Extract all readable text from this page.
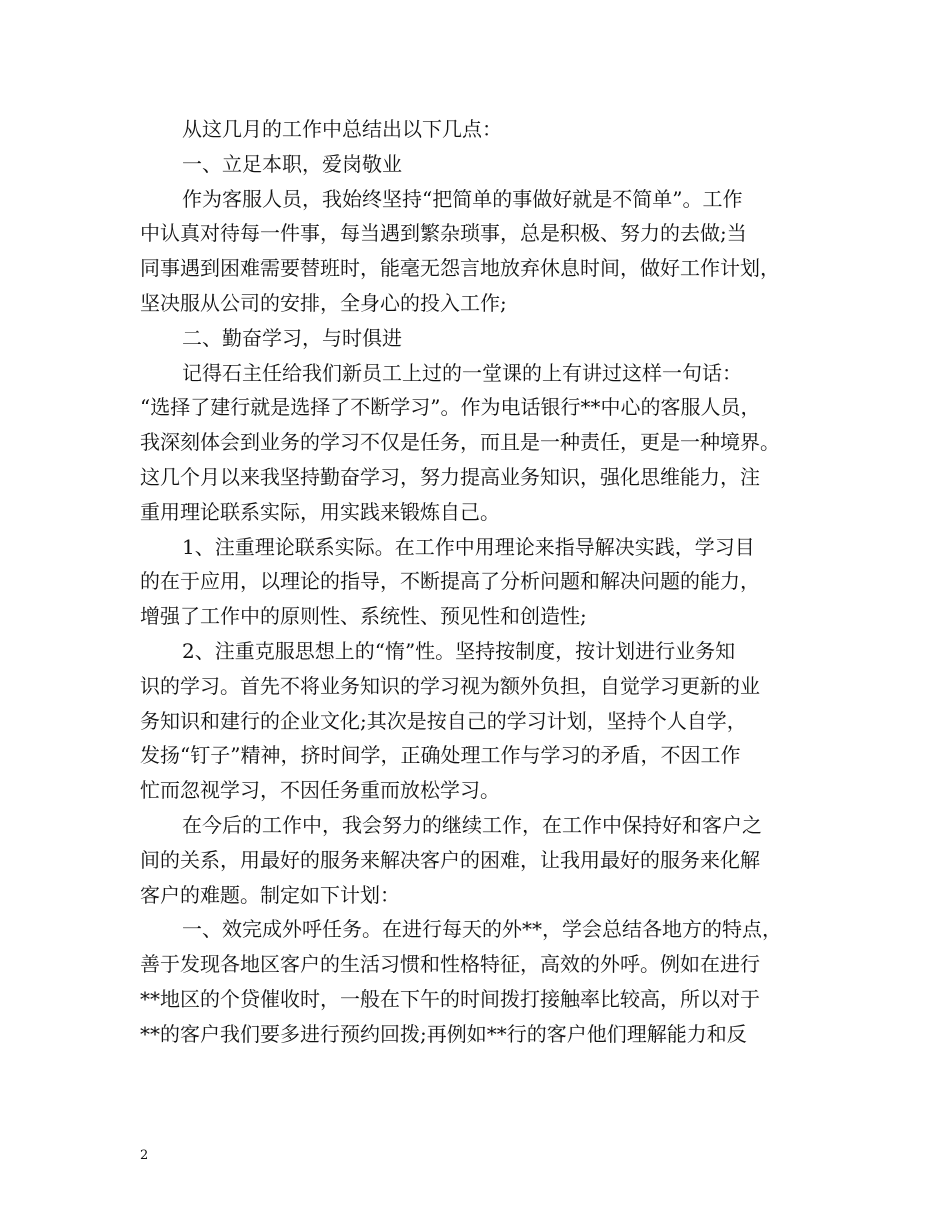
从这几月的工作中总结出以下几点：
一、立足本职，爱岗敬业
作为客服人员，我始终坚持“把简单的事做好就是不简单”。工作
中认真对待每一件事，每当遇到繁杂琐事，总是积极、努力的去做;当
同事遇到困难需要替班时，能毫无怨言地放弃休息时间，做好工作计划，
坚决服从公司的安排，全身心的投入工作;
二、勤奋学习，与时俱进
记得石主任给我们新员工上过的一堂课的上有讲过这样一句话：
“选择了建行就是选择了不断学习”。作为电话银行**中心的客服人员，
我深刻体会到业务的学习不仅是任务，而且是一种责任，更是一种境界。
这几个月以来我坚持勤奋学习，努力提高业务知识，强化思维能力，注
重用理论联系实际，用实践来锻炼自己。
1、注重理论联系实际。在工作中用理论来指导解决实践，学习目
的在于应用，以理论的指导，不断提高了分析问题和解决问题的能力，
增强了工作中的原则性、系统性、预见性和创造性;
2、注重克服思想上的“惰”性。坚持按制度，按计划进行业务知
识的学习。首先不将业务知识的学习视为额外负担，自觉学习更新的业
务知识和建行的企业文化;其次是按自己的学习计划，坚持个人自学，
发扬“钉子”精神，挤时间学，正确处理工作与学习的矛盾，不因工作
忙而忽视学习，不因任务重而放松学习。
在今后的工作中，我会努力的继续工作，在工作中保持好和客户之
间的关系，用最好的服务来解决客户的困难，让我用最好的服务来化解
客户的难题。制定如下计划：
一、效完成外呼任务。在进行每天的外**，学会总结各地方的特点，
善于发现各地区客户的生活习惯和性格特征，高效的外呼。例如在进行
**地区的个贷催收时，一般在下午的时间拨打接触率比较高，所以对于
**的客户我们要多进行预约回拨;再例如**行的客户他们理解能力和反
2
